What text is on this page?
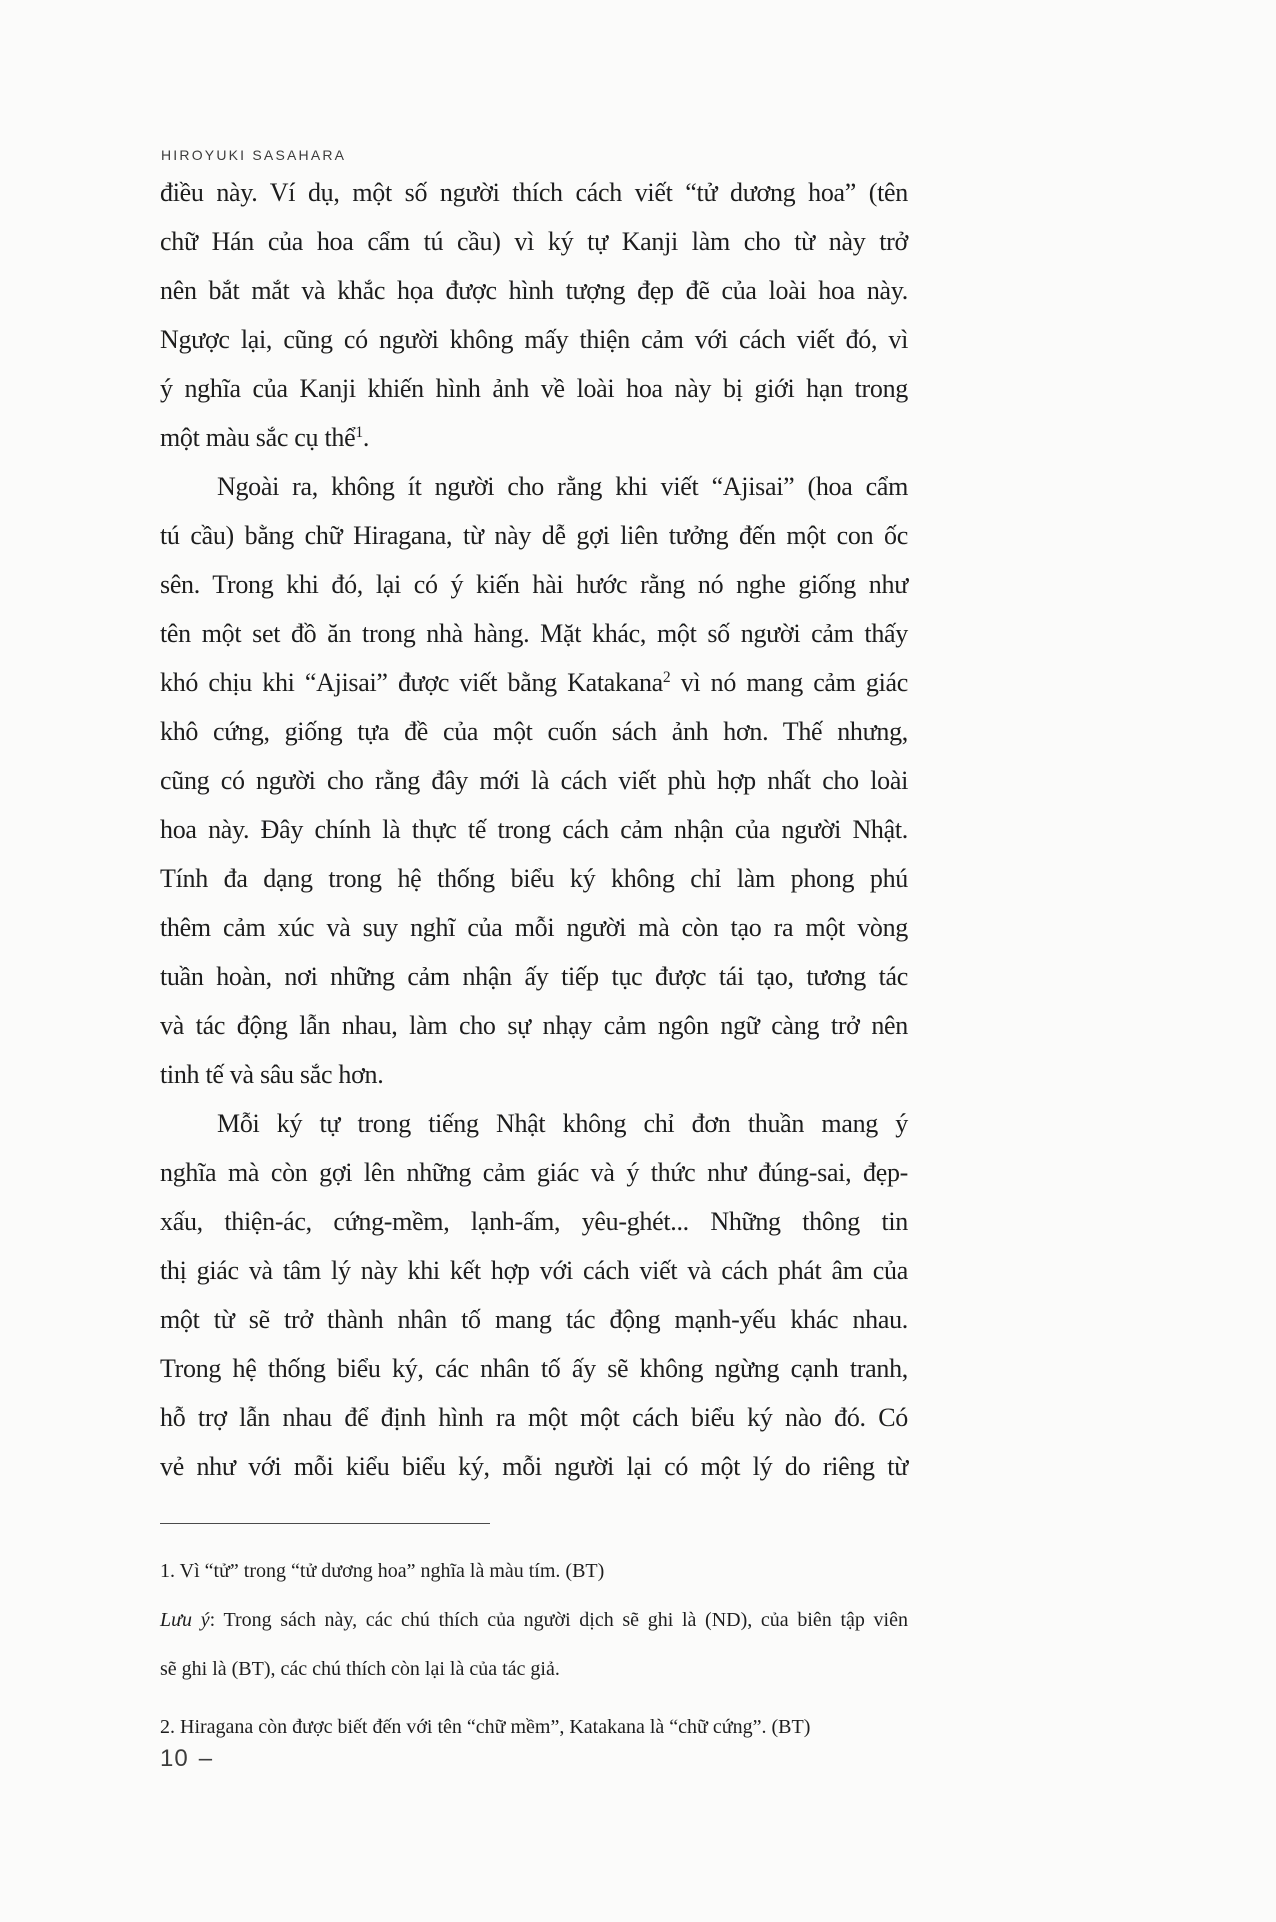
HIROYUKI SASAHARA
điều này. Ví dụ, một số người thích cách viết “tử dương hoa” (tên
chữ Hán của hoa cẩm tú cầu) vì ký tự Kanji làm cho từ này trở
nên bắt mắt và khắc họa được hình tượng đẹp đẽ của loài hoa này.
Ngược lại, cũng có người không mấy thiện cảm với cách viết đó, vì
ý nghĩa của Kanji khiến hình ảnh về loài hoa này bị giới hạn trong
một màu sắc cụ thể$^1$.
Ngoài ra, không ít người cho rằng khi viết “Ajisai” (hoa cẩm
tú cầu) bằng chữ Hiragana, từ này dễ gợi liên tưởng đến một con ốc
sên. Trong khi đó, lại có ý kiến hài hước rằng nó nghe giống như
tên một set đồ ăn trong nhà hàng. Mặt khác, một số người cảm thấy
khó chịu khi “Ajisai” được viết bằng Katakana$^2$ vì nó mang cảm giác
khô cứng, giống tựa đề của một cuốn sách ảnh hơn. Thế nhưng,
cũng có người cho rằng đây mới là cách viết phù hợp nhất cho loài
hoa này. Đây chính là thực tế trong cách cảm nhận của người Nhật.
Tính đa dạng trong hệ thống biểu ký không chỉ làm phong phú
thêm cảm xúc và suy nghĩ của mỗi người mà còn tạo ra một vòng
tuần hoàn, nơi những cảm nhận ấy tiếp tục được tái tạo, tương tác
và tác động lẫn nhau, làm cho sự nhạy cảm ngôn ngữ càng trở nên
tinh tế và sâu sắc hơn.
Mỗi ký tự trong tiếng Nhật không chỉ đơn thuần mang ý
nghĩa mà còn gợi lên những cảm giác và ý thức như đúng-sai, đẹp-
xấu, thiện-ác, cứng-mềm, lạnh-ấm, yêu-ghét... Những thông tin
thị giác và tâm lý này khi kết hợp với cách viết và cách phát âm của
một từ sẽ trở thành nhân tố mang tác động mạnh-yếu khác nhau.
Trong hệ thống biểu ký, các nhân tố ấy sẽ không ngừng cạnh tranh,
hỗ trợ lẫn nhau để định hình ra một một cách biểu ký nào đó. Có
vẻ như với mỗi kiểu biểu ký, mỗi người lại có một lý do riêng từ
1. Vì “tử” trong “tử dương hoa” nghĩa là màu tím. (BT)
Lưu ý: Trong sách này, các chú thích của người dịch sẽ ghi là (ND), của biên tập viên
sẽ ghi là (BT), các chú thích còn lại là của tác giả.
2. Hiragana còn được biết đến với tên “chữ mềm”, Katakana là “chữ cứng”. (BT)
10 –
